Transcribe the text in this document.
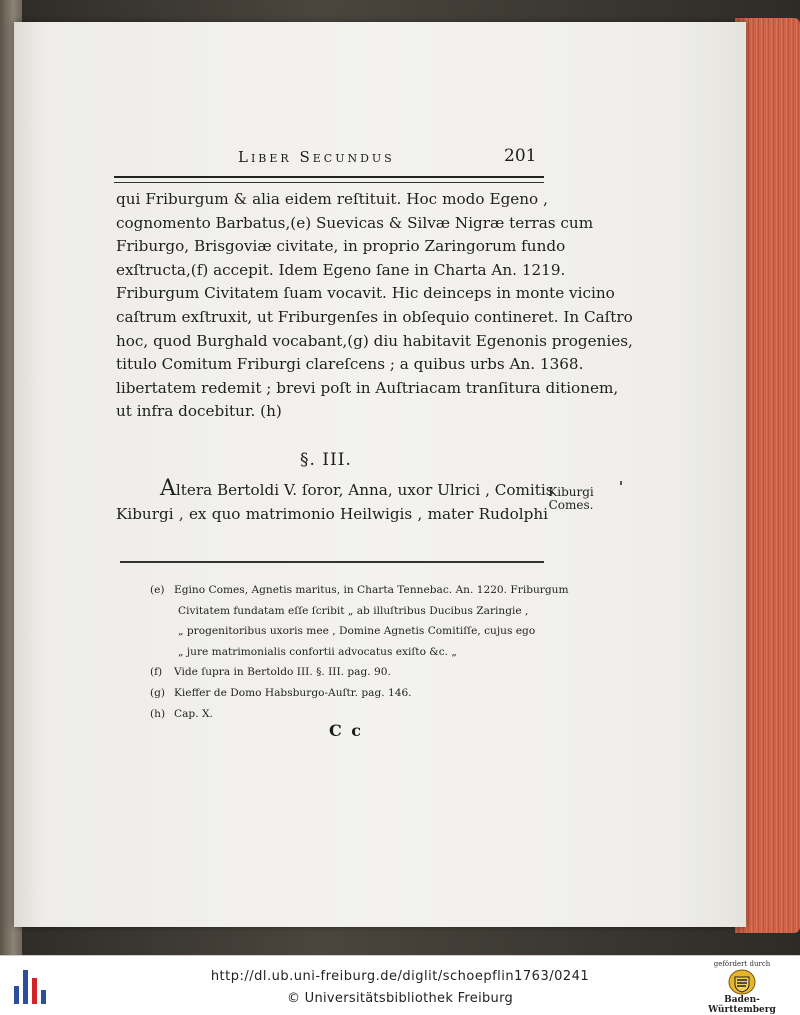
Liber Secundus	201
qui Friburgum & alia eidem reſtituit. Hoc modo Egeno ,
cognomento Barbatus,(e) Suevicas & Silvæ Nigræ terras cum
Friburgo, Brisgoviæ civitate, in proprio Zaringorum fundo
exſtructa,(f) accepit. Idem Egeno ſane in Charta An. 1219.
Friburgum Civitatem ſuam vocavit. Hic deinceps in monte vicino
caſtrum exſtruxit, ut Friburgenſes in obſequio contineret. In Caſtro
hoc, quod Burghald vocabant,(g) diu habitavit Egenonis progenies,
titulo Comitum Friburgi clareſcens ; a quibus urbs An. 1368.
libertatem redemit ; brevi poſt in Auſtriacam tranſitura ditionem,
ut infra docebitur. (h)
§. III.
Altera Bertoldi V. ſoror, Anna, uxor Ulrici , Comitis
Kiburgi , ex quo matrimonio Heilwigis , mater Rudolphi
Kiburgi
Comes.
(e) Egino Comes, Agnetis maritus, in Charta Tennebac. An. 1220. Friburgum
Civitatem fundatam eſſe ſcribit „ ab illuſtribus Ducibus Zaringie ,
„ progenitoribus uxoris mee , Domine Agnetis Comitiſſe, cujus ego
„ jure matrimonialis confortii advocatus exiſto &c. „
(f) Vide ſupra in Bertoldo III. §. III. pag. 90.
(g) Kieffer de Domo Habsburgo-Auſtr. pag. 146.
(h) Cap. X.
C c
http://dl.ub.uni-freiburg.de/diglit/schoepflin1763/0241
© Universitätsbibliothek Freiburg
gefördert durch
Baden-Württemberg
